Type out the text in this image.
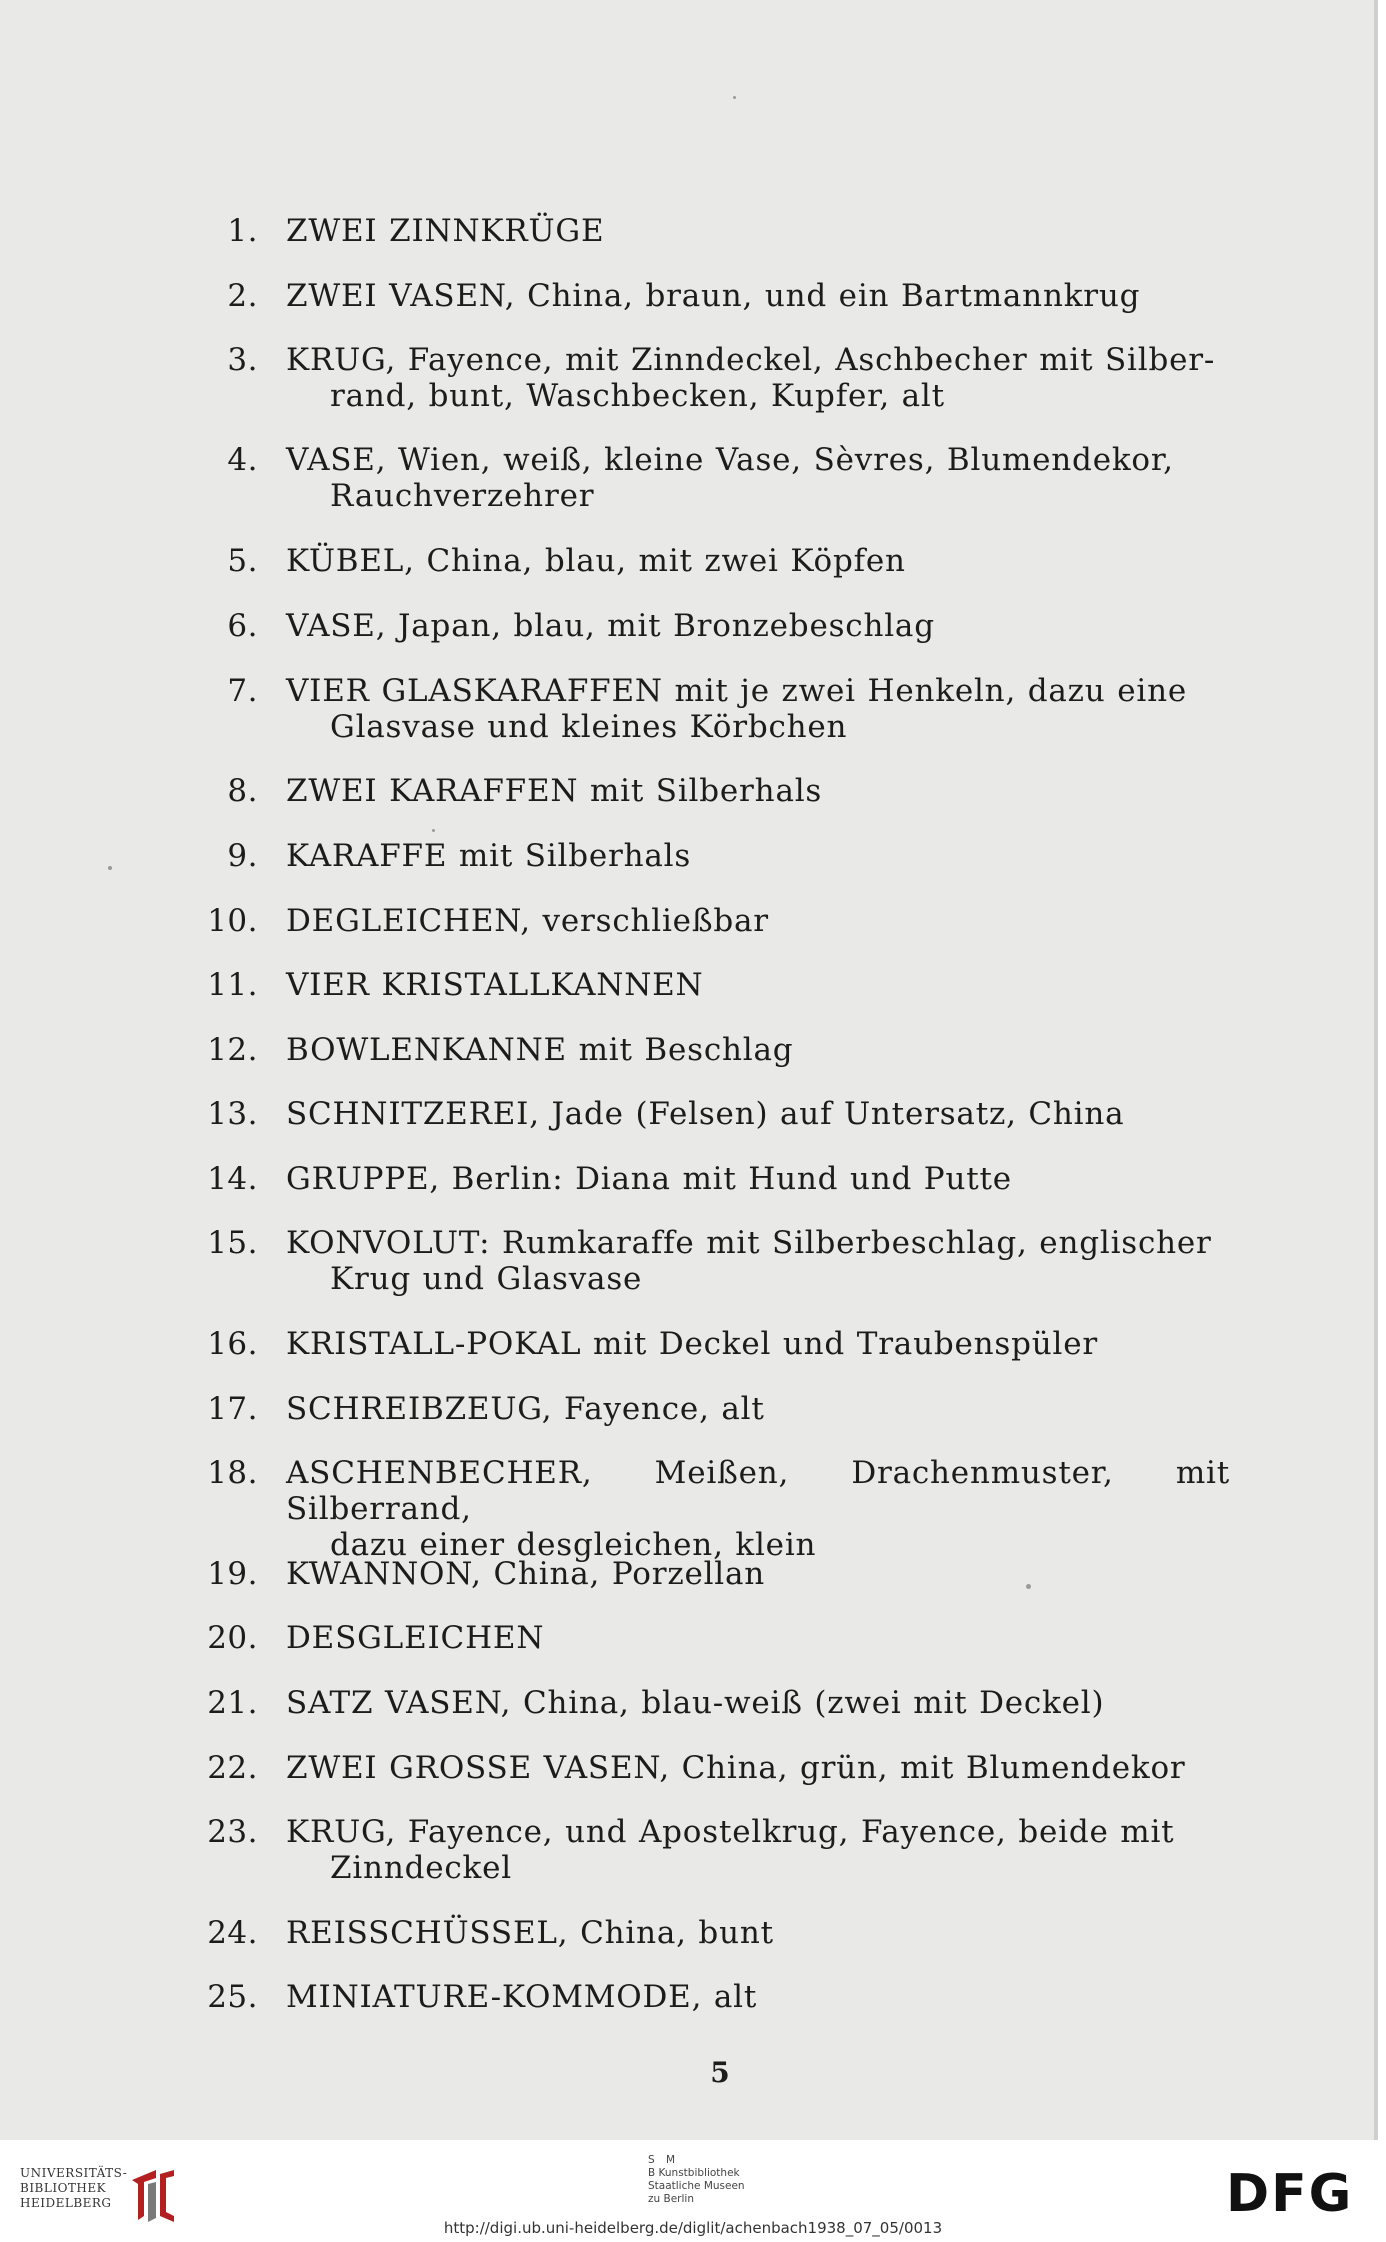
1. ZWEI ZINNKRÜGE
2. ZWEI VASEN, China, braun, und ein Bartmannkrug
3. KRUG, Fayence, mit Zinndeckel, Aschbecher mit Silber-
rand, bunt, Waschbecken, Kupfer, alt
4. VASE, Wien, weiß, kleine Vase, Sèvres, Blumendekor,
Rauchverzehrer
5. KÜBEL, China, blau, mit zwei Köpfen
6. VASE, Japan, blau, mit Bronzebeschlag
7. VIER GLASKARAFFEN mit je zwei Henkeln, dazu eine
Glasvase und kleines Körbchen
8. ZWEI KARAFFEN mit Silberhals
9. KARAFFE mit Silberhals
10. DEGLEICHEN, verschließbar
11. VIER KRISTALLKANNEN
12. BOWLENKANNE mit Beschlag
13. SCHNITZEREI, Jade (Felsen) auf Untersatz, China
14. GRUPPE, Berlin: Diana mit Hund und Putte
15. KONVOLUT: Rumkaraffe mit Silberbeschlag, englischer
Krug und Glasvase
16. KRISTALL-POKAL mit Deckel und Traubenspüler
17. SCHREIBZEUG, Fayence, alt
18. ASCHENBECHER, Meißen, Drachenmuster, mit Silberrand,
dazu einer desgleichen, klein
19. KWANNON, China, Porzellan
20. DESGLEICHEN
21. SATZ VASEN, China, blau-weiß (zwei mit Deckel)
22. ZWEI GROSSE VASEN, China, grün, mit Blumendekor
23. KRUG, Fayence, und Apostelkrug, Fayence, beide mit
Zinndeckel
24. REISSCHÜSSEL, China, bunt
25. MINIATURE-KOMMODE, alt
5
UNIVERSITÄTS-
BIBLIOTHEK
HEIDELBERG
S M
B Kunstbibliothek
Staatliche Museen
zu Berlin	DFG
http://digi.ub.uni-heidelberg.de/diglit/achenbach1938_07_05/0013
